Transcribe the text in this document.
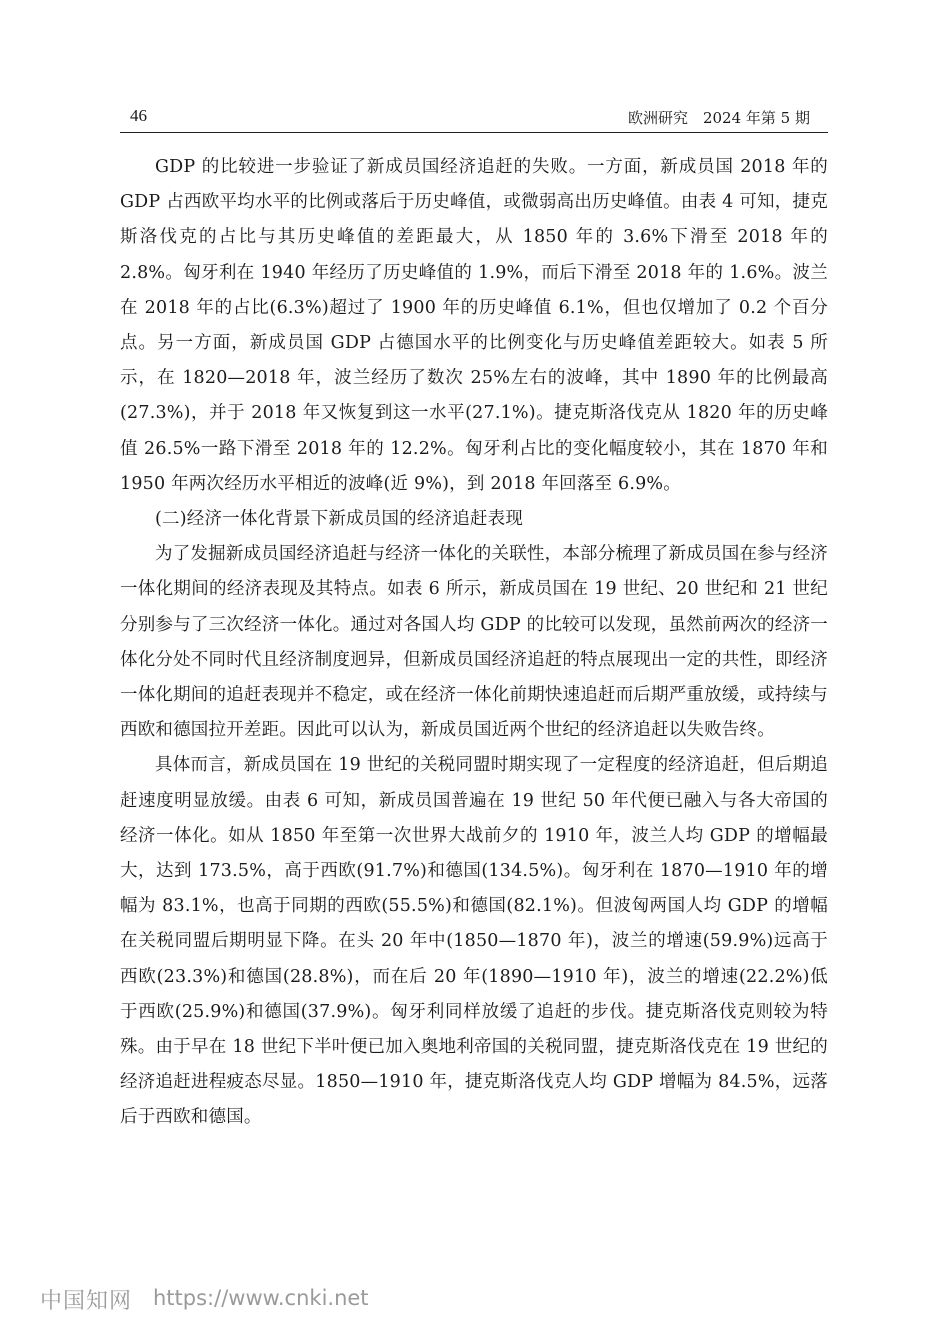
46	欧洲研究　2024 年第 5 期

GDP 的比较进一步验证了新成员国经济追赶的失败。一方面，新成员国 2018 年的 GDP 占西欧平均水平的比例或落后于历史峰值，或微弱高出历史峰值。由表 4 可知，捷克斯洛伐克的占比与其历史峰值的差距最大，从 1850 年的 3.6%下滑至 2018 年的 2.8%。匈牙利在 1940 年经历了历史峰值的 1.9%，而后下滑至 2018 年的 1.6%。波兰在 2018 年的占比(6.3%)超过了 1900 年的历史峰值 6.1%，但也仅增加了 0.2 个百分点。另一方面，新成员国 GDP 占德国水平的比例变化与历史峰值差距较大。如表 5 所示，在 1820—2018 年，波兰经历了数次 25%左右的波峰，其中 1890 年的比例最高(27.3%)，并于 2018 年又恢复到这一水平(27.1%)。捷克斯洛伐克从 1820 年的历史峰值 26.5%一路下滑至 2018 年的 12.2%。匈牙利占比的变化幅度较小，其在 1870 年和 1950 年两次经历水平相近的波峰(近 9%)，到 2018 年回落至 6.9%。

(二)经济一体化背景下新成员国的经济追赶表现

为了发掘新成员国经济追赶与经济一体化的关联性，本部分梳理了新成员国在参与经济一体化期间的经济表现及其特点。如表 6 所示，新成员国在 19 世纪、20 世纪和 21 世纪分别参与了三次经济一体化。通过对各国人均 GDP 的比较可以发现，虽然前两次的经济一体化分处不同时代且经济制度迥异，但新成员国经济追赶的特点展现出一定的共性，即经济一体化期间的追赶表现并不稳定，或在经济一体化前期快速追赶而后期严重放缓，或持续与西欧和德国拉开差距。因此可以认为，新成员国近两个世纪的经济追赶以失败告终。

具体而言，新成员国在 19 世纪的关税同盟时期实现了一定程度的经济追赶，但后期追赶速度明显放缓。由表 6 可知，新成员国普遍在 19 世纪 50 年代便已融入与各大帝国的经济一体化。如从 1850 年至第一次世界大战前夕的 1910 年，波兰人均 GDP 的增幅最大，达到 173.5%，高于西欧(91.7%)和德国(134.5%)。匈牙利在 1870—1910 年的增幅为 83.1%，也高于同期的西欧(55.5%)和德国(82.1%)。但波匈两国人均 GDP 的增幅在关税同盟后期明显下降。在头 20 年中(1850—1870 年)，波兰的增速(59.9%)远高于西欧(23.3%)和德国(28.8%)，而在后 20 年(1890—1910 年)，波兰的增速(22.2%)低于西欧(25.9%)和德国(37.9%)。匈牙利同样放缓了追赶的步伐。捷克斯洛伐克则较为特殊。由于早在 18 世纪下半叶便已加入奥地利帝国的关税同盟，捷克斯洛伐克在 19 世纪的经济追赶进程疲态尽显。1850—1910 年，捷克斯洛伐克人均 GDP 增幅为 84.5%，远落后于西欧和德国。

中国知网 https://www.cnki.net
